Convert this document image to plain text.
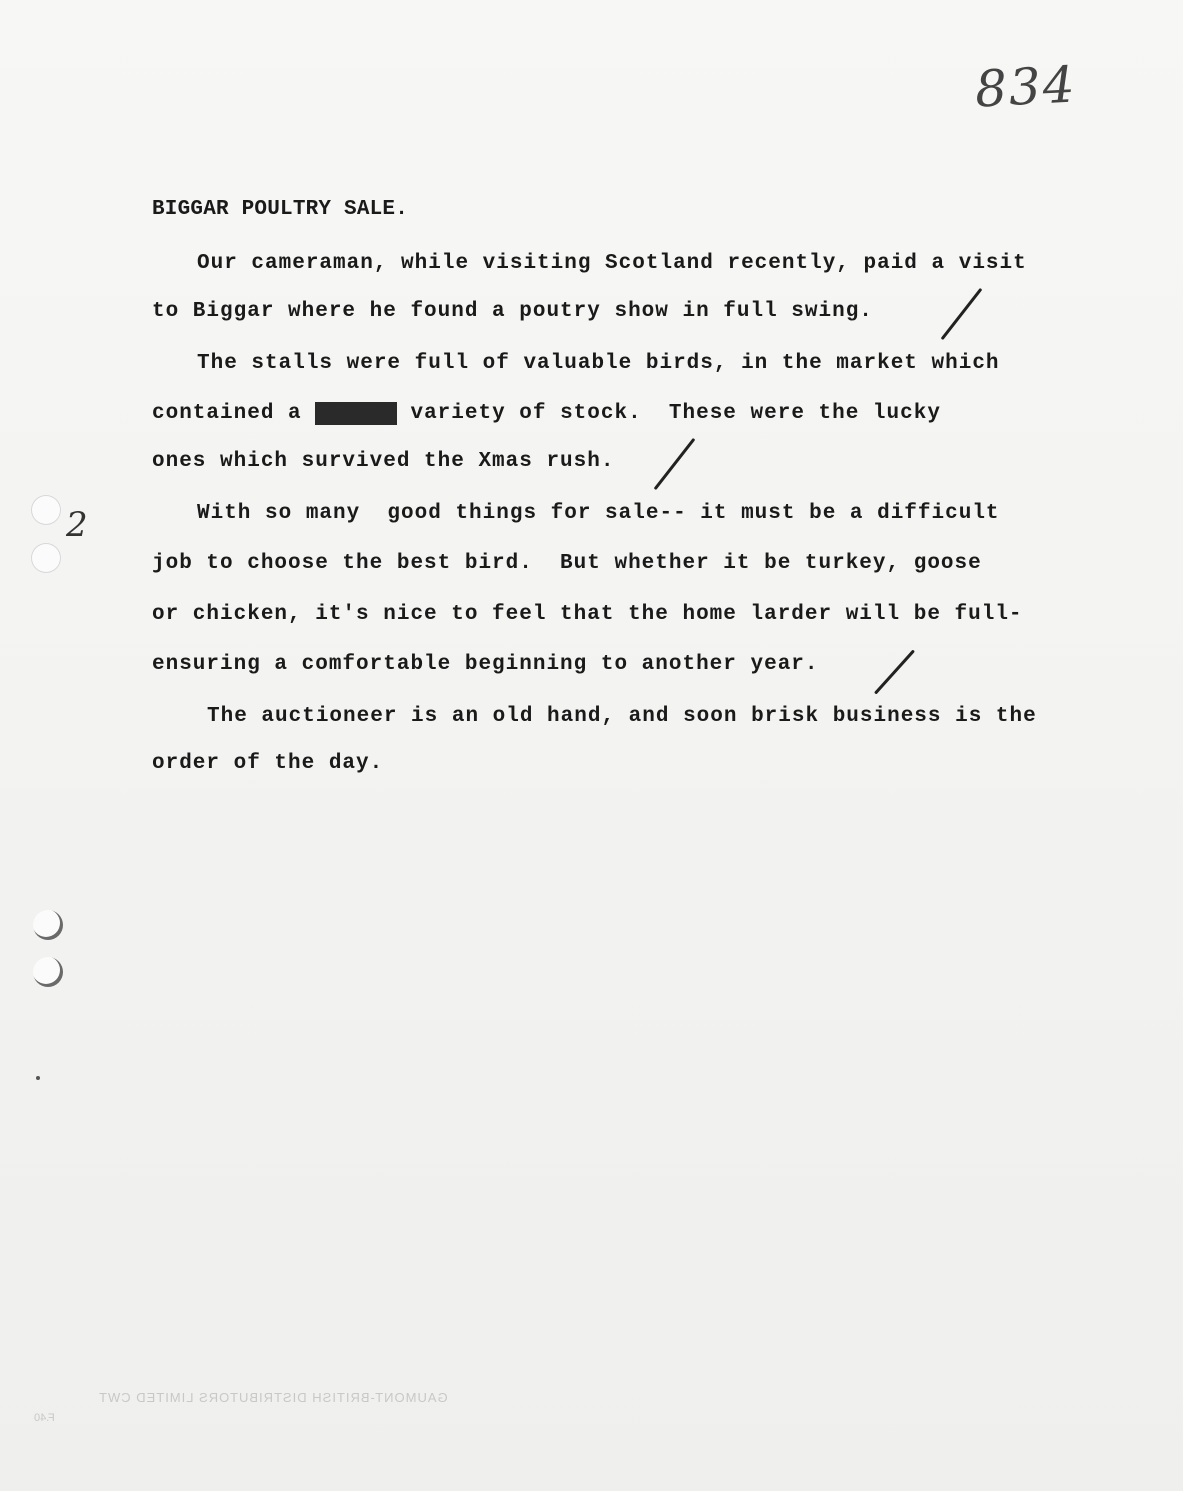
834
BIGGAR POULTRY SALE.
Our cameraman, while visiting Scotland recently, paid a visit
to Biggar where he found a poutry show in full swing.
The stalls were full of valuable birds, in the market which
contained a xxxxxx variety of stock.  These were the lucky
ones which survived the Xmas rush.
With so many  good things for sale-- it must be a difficult
job to choose the best bird.  But whether it be turkey, goose
or chicken, it's nice to feel that the home larder will be full-
ensuring a comfortable beginning to another year.
The auctioneer is an old hand, and soon brisk business is the
order of the day.
2
GAUMONT-BRITISH DISTRIBUTORS LIMITED CWT
F.40
